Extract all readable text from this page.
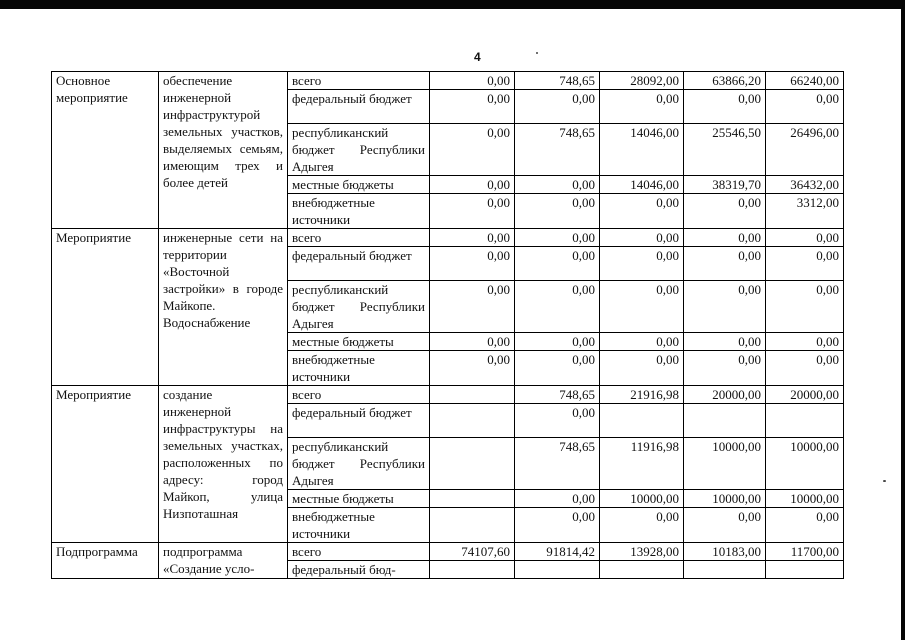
4
Основное мероприятие	обеспечение инженерной инфраструктурой земельных участков, выделяемых семьям, имеющим трех и более детей	всего	0,00	748,65	28092,00	63866,20	66240,00

		федеральный бюджет	0,00	0,00	0,00	0,00	0,00

		республиканский бюджет Республики Адыгея	0,00	748,65	14046,00	25546,50	26496,00

		местные бюджеты	0,00	0,00	14046,00	38319,70	36432,00

		внебюджетные источники	0,00	0,00	0,00	0,00	3312,00
Мероприятие	инженерные сети на территории «Восточной застройки» в городе Майкопе. Водоснабжение	всего	0,00	0,00	0,00	0,00	0,00

		федеральный бюджет	0,00	0,00	0,00	0,00	0,00

		республиканский бюджет Республики Адыгея	0,00	0,00	0,00	0,00	0,00

		местные бюджеты	0,00	0,00	0,00	0,00	0,00

		внебюджетные источники	0,00	0,00	0,00	0,00	0,00
Мероприятие	создание инженерной инфраструктуры на земельных участках, расположенных по адресу: город Майкоп, улица Низпоташная	всего		748,65	21916,98	20000,00	20000,00

		федеральный бюджет		0,00			

		республиканский бюджет Республики Адыгея		748,65	11916,98	10000,00	10000,00

		местные бюджеты		0,00	10000,00	10000,00	10000,00

		внебюджетные источники		0,00	0,00	0,00	0,00
Подпрограмма	подпрограмма «Создание усло-	всего	74107,60	91814,42	13928,00	10183,00	11700,00

		федеральный бюд-					
